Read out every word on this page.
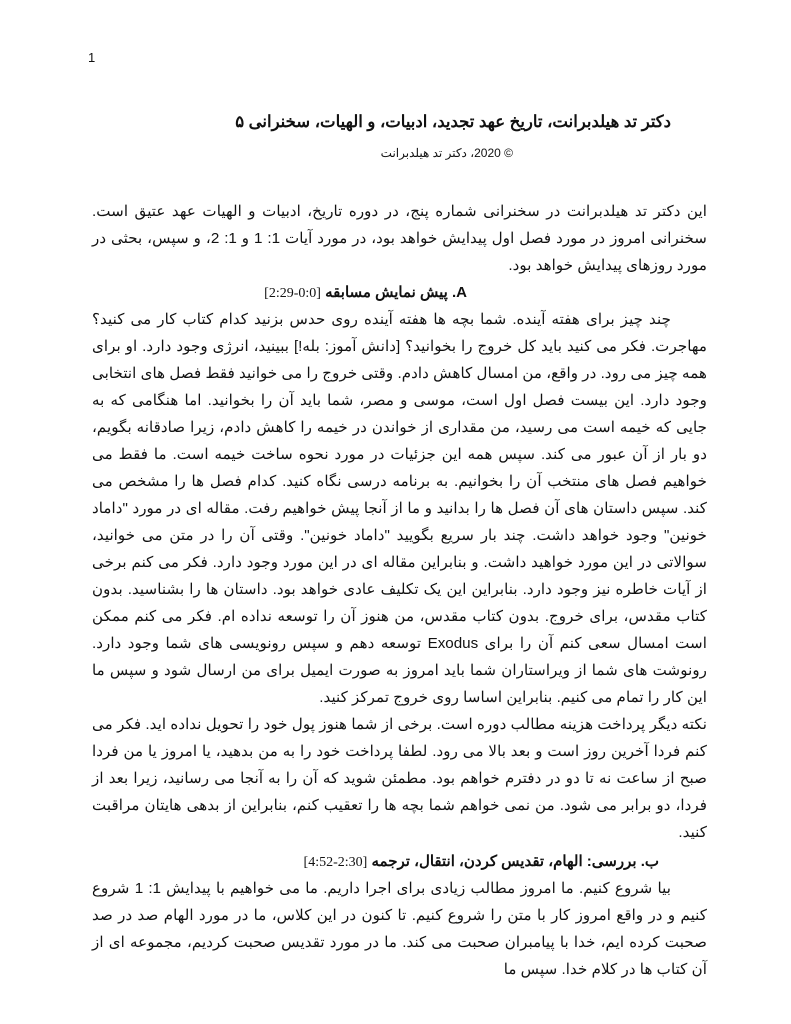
1
دکتر تد هیلدبرانت، تاریخ عهد تجدید، ادبیات، و الهیات، سخنرانی ۵
© 2020، دکتر تد هیلدبرانت

این دکتر تد هیلدبرانت در سخنرانی شماره پنج، در دوره تاریخ، ادبیات و الهیات عهد عتیق است. سخنرانی امروز در مورد فصل اول پیدایش خواهد بود، در مورد آیات 1: 1 و 1: 2، و سپس، بحثی در مورد روزهای پیدایش خواهد بود.

A. پیش نمایش مسابقه [0:0-2:29]

چند چیز برای هفته آینده. شما بچه ها هفته آینده روی حدس بزنید کدام کتاب کار می کنید؟ مهاجرت. فکر می کنید باید کل خروج را بخوانید؟ [دانش آموز: بله!] ببینید، انرژی وجود دارد. او برای همه چیز می رود. در واقع، من امسال کاهش دادم. وقتی خروج را می خوانید فقط فصل های انتخابی وجود دارد. این بیست فصل اول است، موسی و مصر، شما باید آن را بخوانید. اما هنگامی که به جایی که خیمه است می رسید، من مقداری از خواندن در خیمه را کاهش دادم، زیرا صادقانه بگویم، دو بار از آن عبور می کند. سپس همه این جزئیات در مورد نحوه ساخت خیمه است. ما فقط می خواهیم فصل های منتخب آن را بخوانیم. به برنامه درسی نگاه کنید. کدام فصل ها را مشخص می کند. سپس داستان های آن فصل ها را بدانید و ما از آنجا پیش خواهیم رفت. مقاله ای در مورد "داماد خونین" وجود خواهد داشت. چند بار سریع بگویید "داماد خونین". وقتی آن را در متن می خوانید، سوالاتی در این مورد خواهید داشت. و بنابراین مقاله ای در این مورد وجود دارد. فکر می کنم برخی از آیات خاطره نیز وجود دارد. بنابراین این یک تکلیف عادی خواهد بود. داستان ها را بشناسید. بدون کتاب مقدس، برای خروج. بدون کتاب مقدس، من هنوز آن را توسعه نداده ام. فکر می کنم ممکن است امسال سعی کنم آن را برای Exodus توسعه دهم و سپس رونویسی های شما وجود دارد. رونوشت های شما از ویراستاران شما باید امروز به صورت ایمیل برای من ارسال شود و سپس ما این کار را تمام می کنیم. بنابراین اساسا روی خروج تمرکز کنید.

نکته دیگر پرداخت هزینه مطالب دوره است. برخی از شما هنوز پول خود را تحویل نداده اید. فکر می کنم فردا آخرین روز است و بعد بالا می رود. لطفا پرداخت خود را به من بدهید، یا امروز یا من فردا صبح از ساعت نه تا دو در دفترم خواهم بود. مطمئن شوید که آن را به آنجا می رسانید، زیرا بعد از فردا، دو برابر می شود. من نمی خواهم شما بچه ها را تعقیب کنم، بنابراین از بدهی هایتان مراقبت کنید.

ب. بررسی: الهام، تقدیس کردن، انتقال، ترجمه [2:30-4:52]

بیا شروع کنیم. ما امروز مطالب زیادی برای اجرا داریم. ما می خواهیم با پیدایش 1: 1 شروع کنیم و در واقع امروز کار با متن را شروع کنیم. تا کنون در این کلاس، ما در مورد الهام صد در صد صحبت کرده ایم، خدا با پیامبران صحبت می کند. ما در مورد تقدیس صحبت کردیم، مجموعه ای از آن کتاب ها در کلام خدا. سپس ما
